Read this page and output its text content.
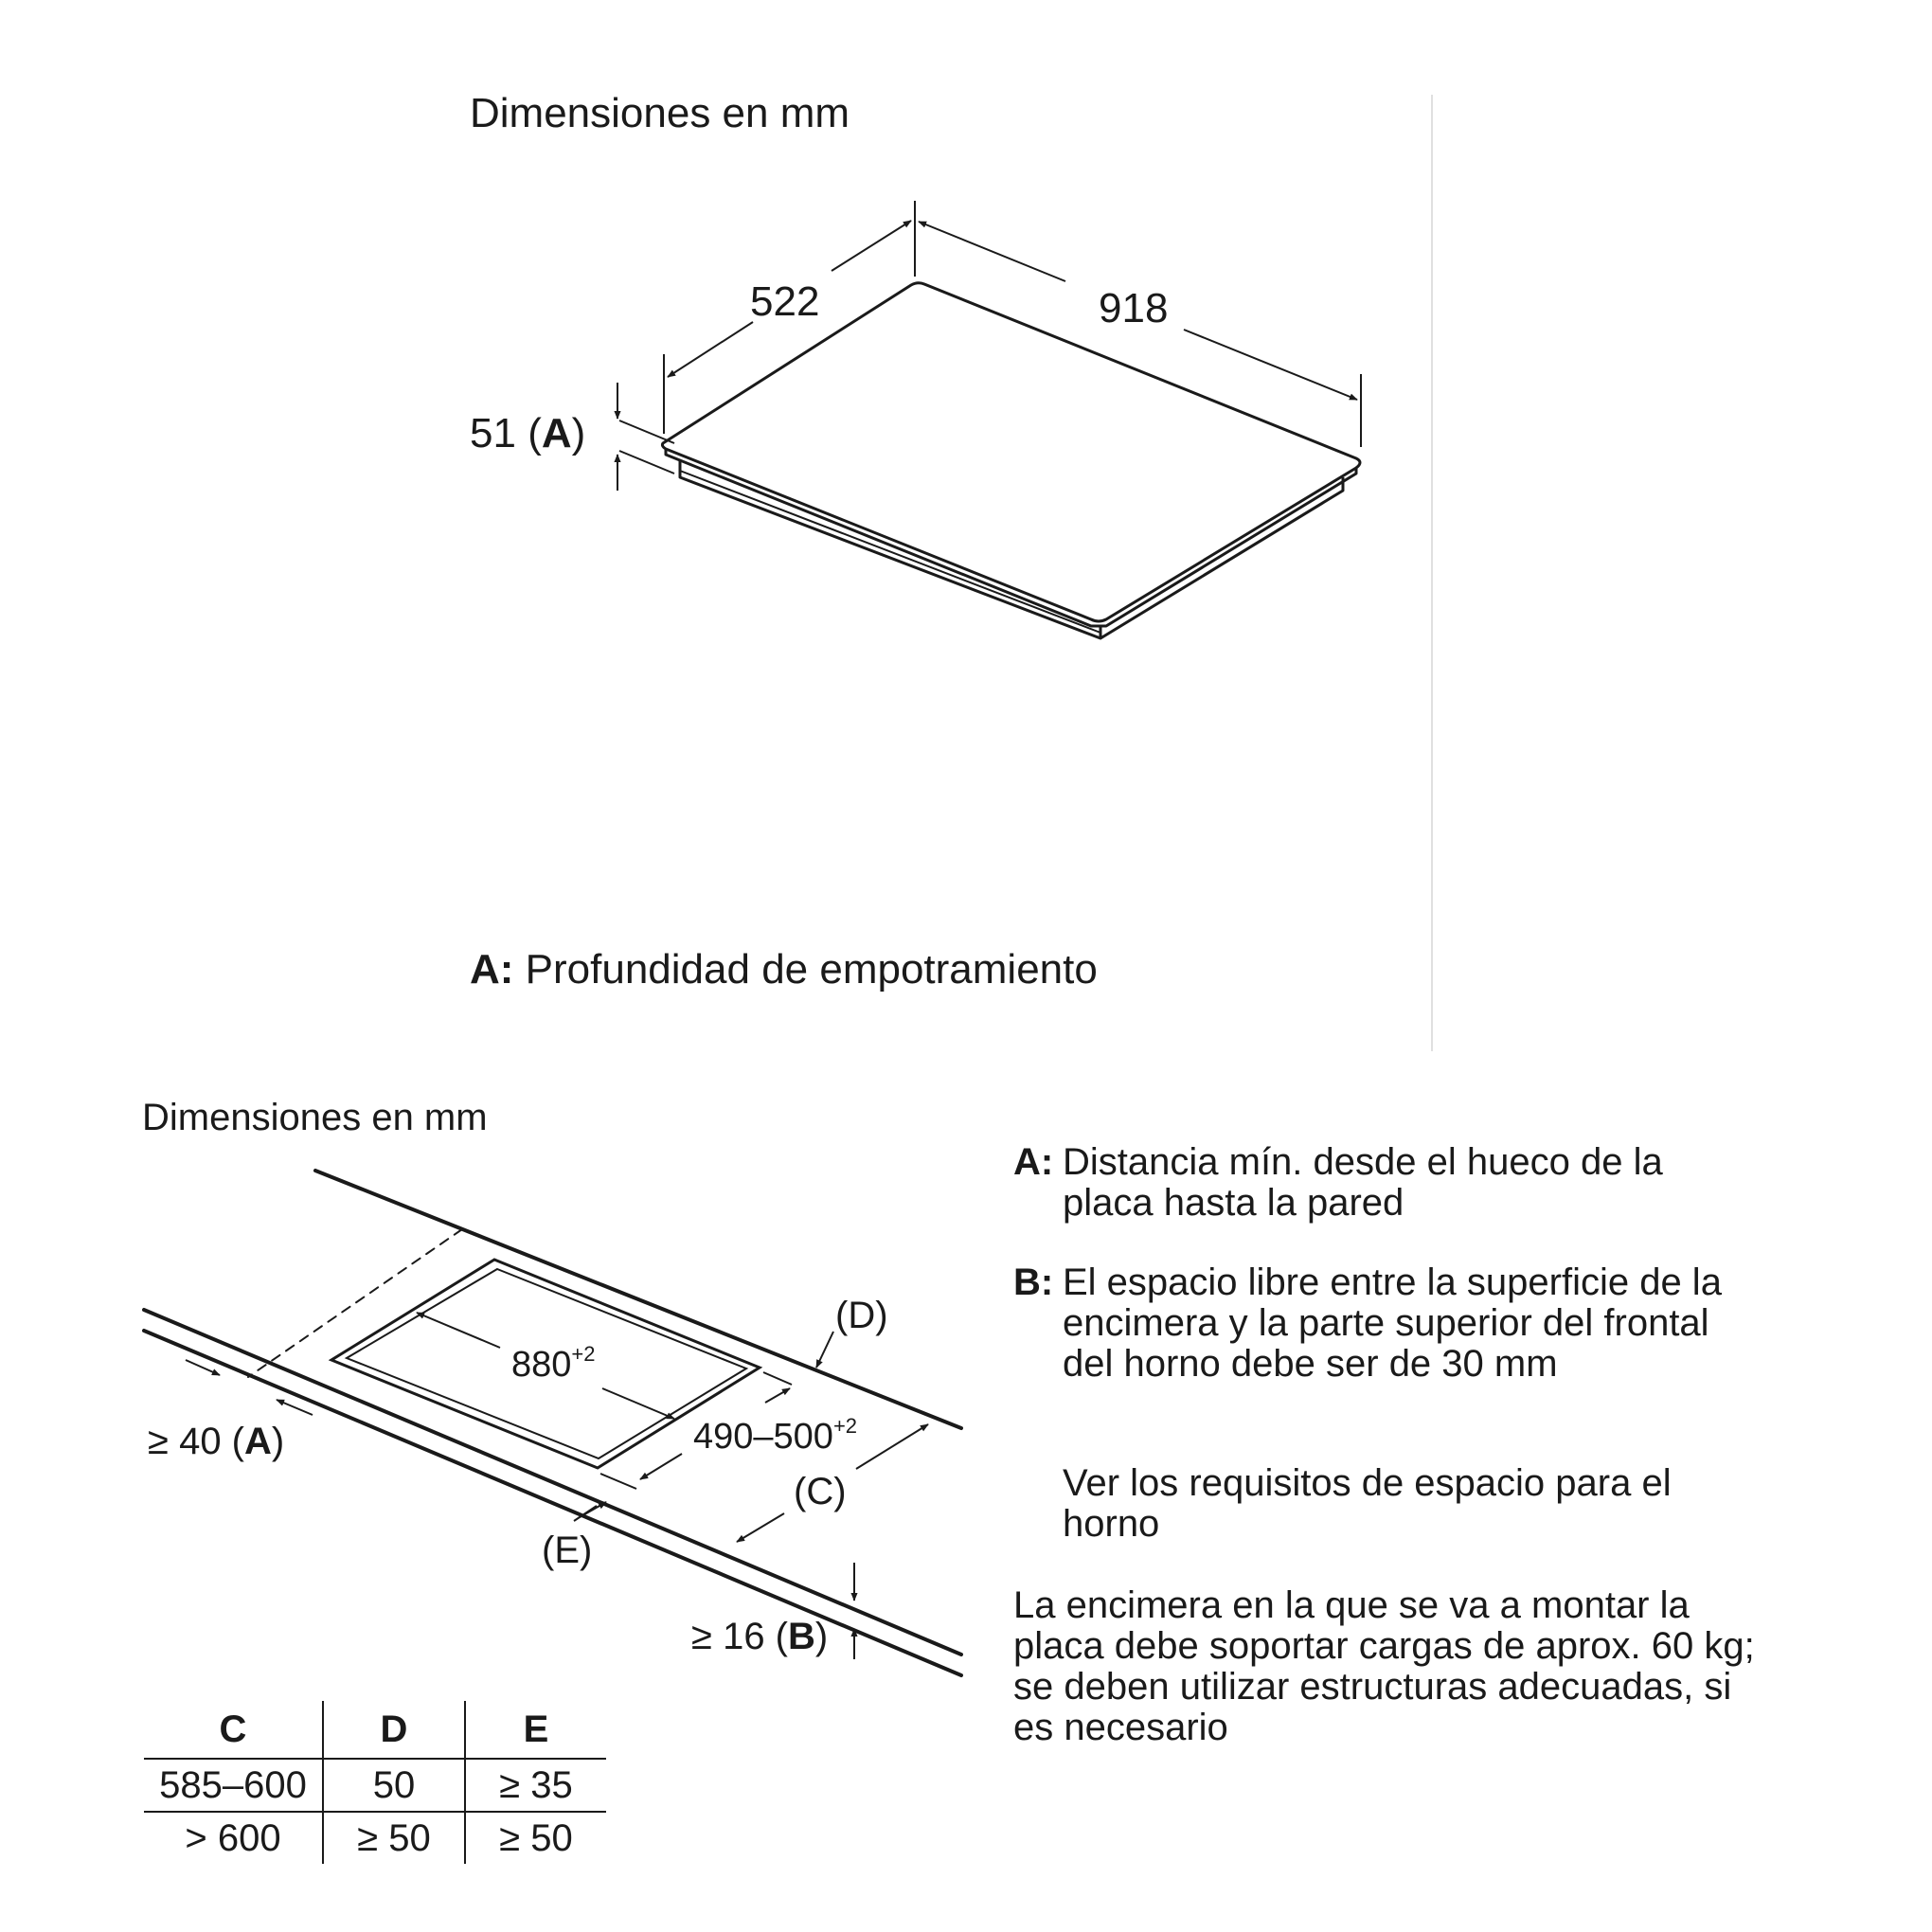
522	918
$880^{+2}$
$490-500^{+2}$
(D)
(C)
(E)
≥ 40 (A)
≥ 16 (B)
Dimensiones en mm
51 (A)
A: Profundidad de empotramiento
Dimensiones en mm
A: Distancia mín. desde el hueco de la
placa hasta la pared
B: El espacio libre entre la superficie de la
encimera y la parte superior del frontal
del horno debe ser de 30 mm
Ver los requisitos de espacio para el
horno
La encimera en la que se va a montar la
placa debe soportar cargas de aprox. 60 kg;
se deben utilizar estructuras adecuadas, si
es necesario
C	D	E
585–600	50	≥ 35
> 600	≥ 50	≥ 50
